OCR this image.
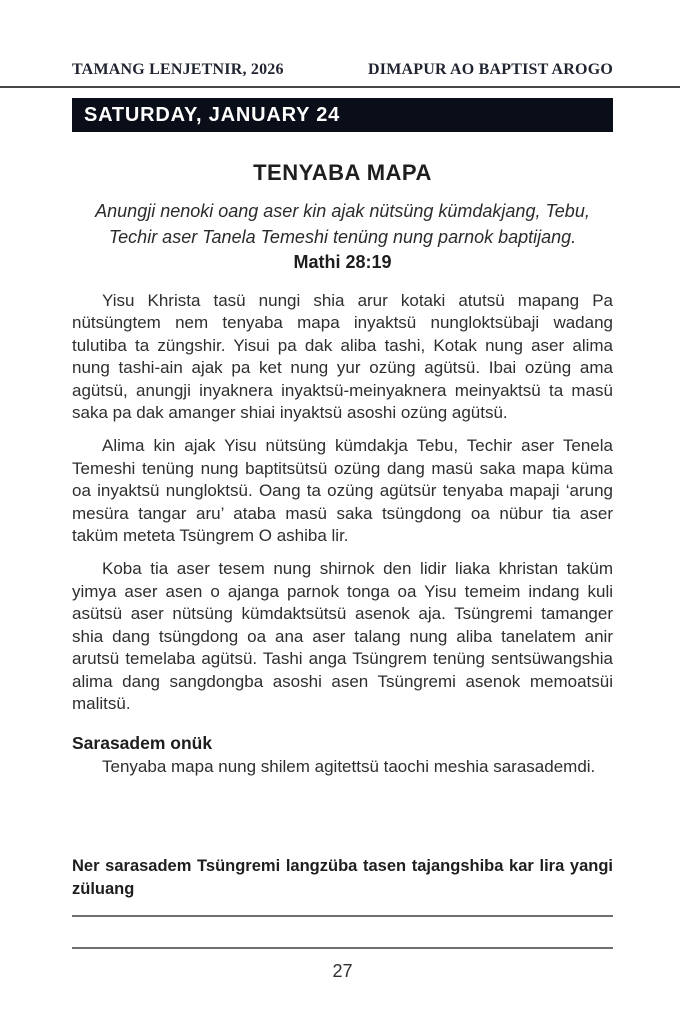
TAMANG LENJETNIR, 2026	DIMAPUR AO BAPTIST AROGO
SATURDAY, JANUARY 24
TENYABA MAPA

Anungji nenoki oang aser kin ajak nütsüng kümdakjang, Tebu, Techir aser Tanela Temeshi tenüng nung parnok baptijang.

Mathi 28:19

Yisu Khrista tasü nungi shia arur kotaki atutsü mapang Pa nütsüngtem nem tenyaba mapa inyaktsü nungloktsübaji wadang tulutiba ta züngshir. Yisui pa dak aliba tashi, Kotak nung aser alima nung tashi-ain ajak pa ket nung yur ozüng agütsü. Ibai ozüng ama agütsü, anungji inyaknera inyaktsü-meinyaknera meinyaktsü ta masü saka pa dak amanger shiai inyaktsü asoshi ozüng agütsü.

Alima kin ajak Yisu nütsüng kümdakja Tebu, Techir aser Tenela Temeshi tenüng nung baptitsütsü ozüng dang masü saka mapa küma oa inyaktsü nungloktsü. Oang ta ozüng agütsür tenyaba mapaji ‘arung mesüra tangar aru’ ataba masü saka tsüngdong oa nübur tia aser taküm meteta Tsüngrem O ashiba lir.

Koba tia aser tesem nung shirnok den lidir liaka khristan taküm yimya aser asen o ajanga parnok tonga oa Yisu temeim indang kuli asütsü aser nütsüng kümdaktsütsü asenok aja. Tsüngremi tamanger shia dang tsüngdong oa ana aser talang nung aliba tanelatem anir arutsü temelaba agütsü. Tashi anga Tsüngrem tenüng sentsüwangshia alima dang sangdongba asoshi asen Tsüngremi asenok memoatsüi malitsü.

Sarasadem onük

Tenyaba mapa nung shilem agitettsü taochi meshia sarasademdi.

Ner sarasadem Tsüngremi langzüba tasen tajangshiba kar lira yangi züluang

27
